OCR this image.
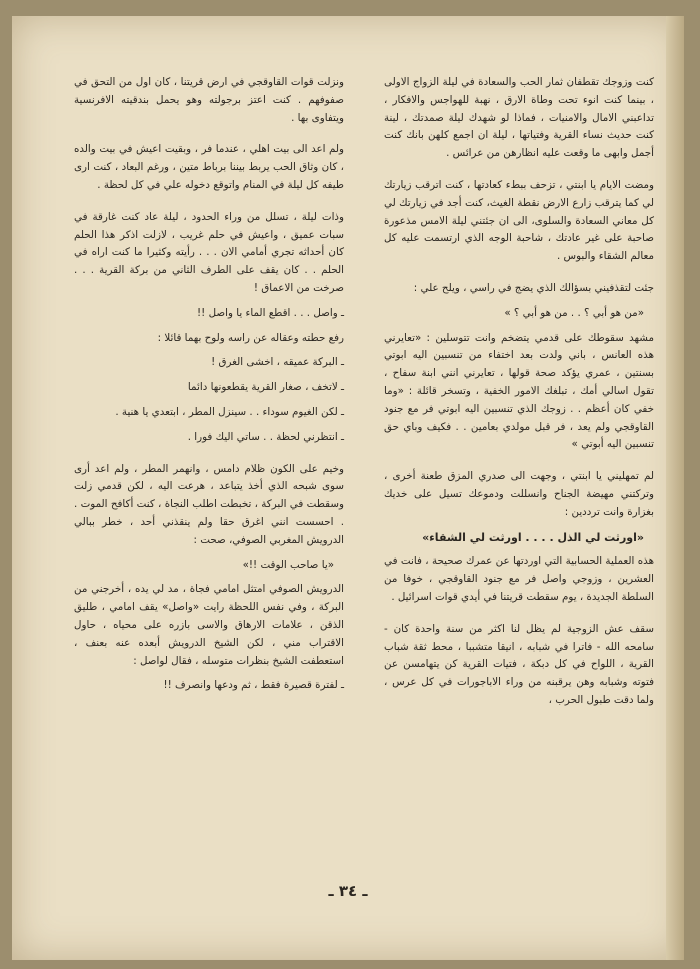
كنت وزوجك تقطفان ثمار الحب والسعادة في ليلة الزواج الاولى ، بينما كنت انوء تحت وطاة الارق ، نهبة للهواجس والافكار ، تداعبني الامال والامنيات ، فماذا لو شهدك ليلة صمدتك ، لينة كنت حديث نساء القرية وفتياتها ، ليلة ان اجمع كلهن بانك كنت أجمل وابهى ما وقعت عليه انظارهن من عرائس .

ومضت الايام يا ابنتي ، تزحف ببطء كعادتها ، كنت اترقب زيارتك لي كما يترقب زارع الارض نقطة الغيث، كنت أجد في زيارتك لي كل معاني السعادة والسلوى، الى ان جئتني ليلة الامس مذعورة صاحبة على غير عادتك ، شاحبة الوجه الذي ارتسمت عليه كل معالم الشقاء والبوس .

جئت لتقذفيني بسؤالك الذي يضج في راسي ، ويلح علي :

«من هو أبي ؟ . . من هو أبي ؟ »

مشهد سقوطك على قدمي يتضخم وانت تتوسلين : «تعايرني هذه العانس ، باني ولدت بعد اختفاء من تنسبين اليه ابوتي بسنتين ، عمري يؤكد صحة قولها ، تعايرني انني ابنة سفاح ، تقول اسالي أمك ، تبلغك الامور الخفية ، وتسخر قائلة : «وما خفي كان أعظم . . زوجك الذي تنسبين اليه ابوتي فر مع جنود القاوقجي ولم يعد ، فر قبل مولدي بعامين . . فكيف وباي حق تنسبين اليه أبوتي »

لم تمهليني يا ابنتي ، وجهت الى صدري المزق طعنة أخرى ، وتركتني مهيضة الجناح وانسللت ودموعك تسيل على خديك بغزارة وانت ترددين :

«اورثت لي الذل . . . . اورثت لي الشقاء»

هذه العملية الحسابية التي اوردتها عن عمرك صحيحة ، فانت في العشرين ، وزوجي واصل فر مع جنود القاوقجي ، خوفا من السلطة الجديدة ، يوم سقطت قريتنا في أيدي قوات اسرائيل .

سقف عش الزوجية لم يظل لنا اكثر من سنة واحدة كان - سامحه الله - فاترا في شبابه ، انيقا متشببا ، محط ثقة شباب القرية ، اللواح في كل دبكة ، فتيات القرية كن يتهامسن عن فتوته وشبابه وهن يرقبنه من وراء الاباجورات في كل عرس ، ولما دقت طبول الحرب ،

ونزلت قوات القاوقجي في ارض قريتنا ، كان اول من التحق في صفوفهم . كنت اعتز برجولته وهو يحمل بندقيته الافرنسية ويتفاوى بها .

ولم اعد الى بيت اهلي ، عندما فر ، وبقيت اعيش في بيت والده ، كان وثاق الحب يربط بيننا برباط متين ، ورغم البعاد ، كنت ارى طيفه كل ليلة في المنام واتوقع دخوله علي في كل لحظة .

وذات ليلة ، تسلل من وراء الحدود ، ليلة عاد كنت غارقة في سبات عميق ، واعيش في حلم غريب ، لازلت اذكر هذا الحلم كان أحداثه تجري أمامي الان . . . رأيته وكثيرا ما كنت اراه في الحلم . . كان يقف على الطرف الثاني من بركة القرية . . . صرخت من الاعماق !

ـ واصل . . . اقطع الماء يا واصل !!

رفع حطته وعقاله عن راسه ولوح بهما قائلا :

ـ البركة عميقه ، اخشى الغرق !

ـ لاتخف ، صغار القرية يقطعونها دائما

ـ لكن الغيوم سوداء . . سينزل المطر ، ابتعدي يا هنية .

ـ انتظرني لحظة . . ساتي اليك فورا .

وخيم على الكون ظلام دامس ، وانهمر المطر ، ولم اعد أرى سوى شبحه الذي أخذ يتباعد ، هرعت اليه ، لكن قدمي زلت وسقطت في البركة ، تخبطت اطلب النجاة ، كنت أكافح الموت . . احسست انني اغرق حقا ولم ينقذني أحد ، خطر ببالي الدرويش المغربي الصوفي، صحت :

«يا صاحب الوقت !!»

الدرويش الصوفي امتثل امامي فجاة ، مد لي يده ، أخرجني من البركة ، وفي نفس اللحظة رايت «واصل» يقف امامي ، طليق الذقن ، علامات الارهاق والاسى بازره على محياه ، حاول الاقتراب مني ، لكن الشيخ الدرويش أبعده عنه بعنف ، استعطفت الشيخ بنظرات متوسله ، فقال لواصل :

ـ لفترة قصيرة فقط ، ثم ودعها وانصرف !!

ـ ٣٤ ـ
